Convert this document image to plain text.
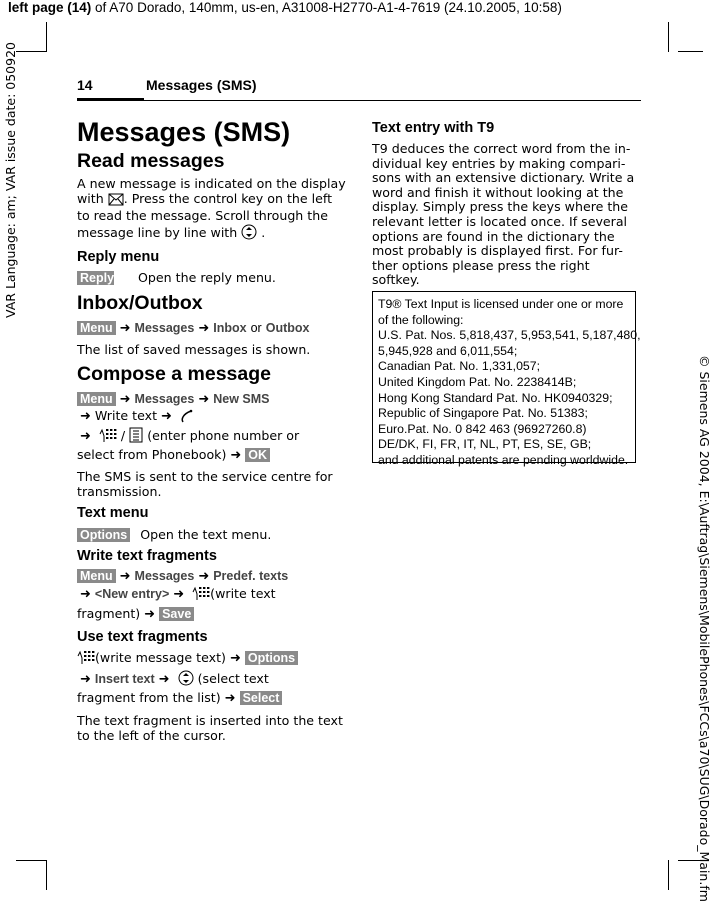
left page (14) of A70 Dorado, 140mm, us-en, A31008-H2770-A1-4-7619 (24.10.2005, 10:58)
VAR Language: am; VAR issue date: 050920
© Siemens AG 2004, E:\Auftrag\Siemens\MobilePhones\FCCs\a70\SUG\Dorado_Main.fm
14	Messages (SMS)
Messages (SMS)
Read messages

A new message is indicated on the display
with . Press the control key on the left
to read the message. Scroll through the
message line by line with .

Reply menu

Reply Open the reply menu.

Inbox/Outbox

Menu ➜ Messages ➜ Inbox or Outbox

The list of saved messages is shown.

Compose a message

Menu ➜ Messages ➜ New SMS
➜ Write text ➜
➜  /  (enter phone number or
select from Phonebook) ➜ OK

The SMS is sent to the service centre for
transmission.

Text menu

Options Open the text menu.

Write text fragments

Menu ➜ Messages ➜ Predef. texts
➜ <New entry> ➜ (write text
fragment) ➜ Save

Use text fragments

(write message text) ➜ Options
➜ Insert text ➜ (select text
fragment from the list) ➜ Select

The text fragment is inserted into the text
to the left of the cursor.

Text entry with T9
T9 deduces the correct word from the in-
dividual key entries by making compari-
sons with an extensive dictionary. Write a
word and finish it without looking at the
display. Simply press the keys where the
relevant letter is located once. If several
options are found in the dictionary the
most probably is displayed first. For fur-
ther options please press the right
softkey.
T9® Text Input is licensed under one or more
of the following:
U.S. Pat. Nos. 5,818,437, 5,953,541, 5,187,480,
5,945,928 and 6,011,554;
Canadian Pat. No. 1,331,057;
United Kingdom Pat. No. 2238414B;
Hong Kong Standard Pat. No. HK0940329;
Republic of Singapore Pat. No. 51383;
Euro.Pat. No. 0 842 463 (96927260.8)
DE/DK, FI, FR, IT, NL, PT, ES, SE, GB;
and additional patents are pending worldwide.
